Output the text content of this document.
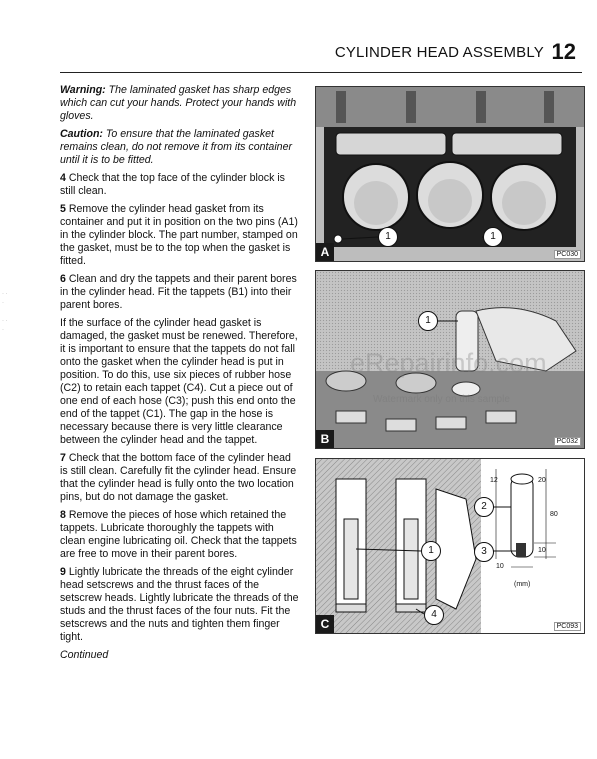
CYLINDER HEAD ASSEMBLY 12
· ·
·

· ·
·

Warning: The laminated gasket has sharp edges which can cut your hands. Protect your hands with gloves.

Caution: To ensure that the laminated gasket remains clean, do not remove it from its container until it is to be fitted.

4 Check that the top face of the cylinder block is still clean.

5 Remove the cylinder head gasket from its container and put it in position on the two pins (A1) in the cylinder block. The part number, stamped on the gasket, must be to the top when the gasket is fitted.

6 Clean and dry the tappets and their parent bores in the cylinder head. Fit the tappets (B1) into their parent bores.

If the surface of the cylinder head gasket is damaged, the gasket must be renewed. Therefore, it is important to ensure that the tappets do not fall onto the gasket when the cylinder head is put in position. To do this, use six pieces of rubber hose (C2) to retain each tappet (C4). Cut a piece out of one end of each hose (C3); push this end onto the end of the tappet (C1). The gap in the hose is necessary because there is very little clearance between the cylinder head and the tappet.

7 Check that the bottom face of the cylinder head is still clean. Carefully fit the cylinder head. Ensure that the cylinder head is fully onto the two location pins, but do not damage the gasket.

8 Remove the pieces of hose which retained the tappets. Lubricate thoroughly the tappets with clean engine lubricating oil. Check that the tappets are free to move in their parent bores.

9 Lightly lubricate the threads of the eight cylinder head setscrews and the thrust faces of the setscrew heads. Lightly lubricate the threads of the studs and the thrust faces of the four nuts. Fit the setscrews and the nuts and tighten them finger tight.

Continued

1	1
A	PC030
1
B	PC032
1
2
3
4
12	20
80
10
10
(mm)
C	PC093
eRepairinfo.com
Watermark only on this sample
